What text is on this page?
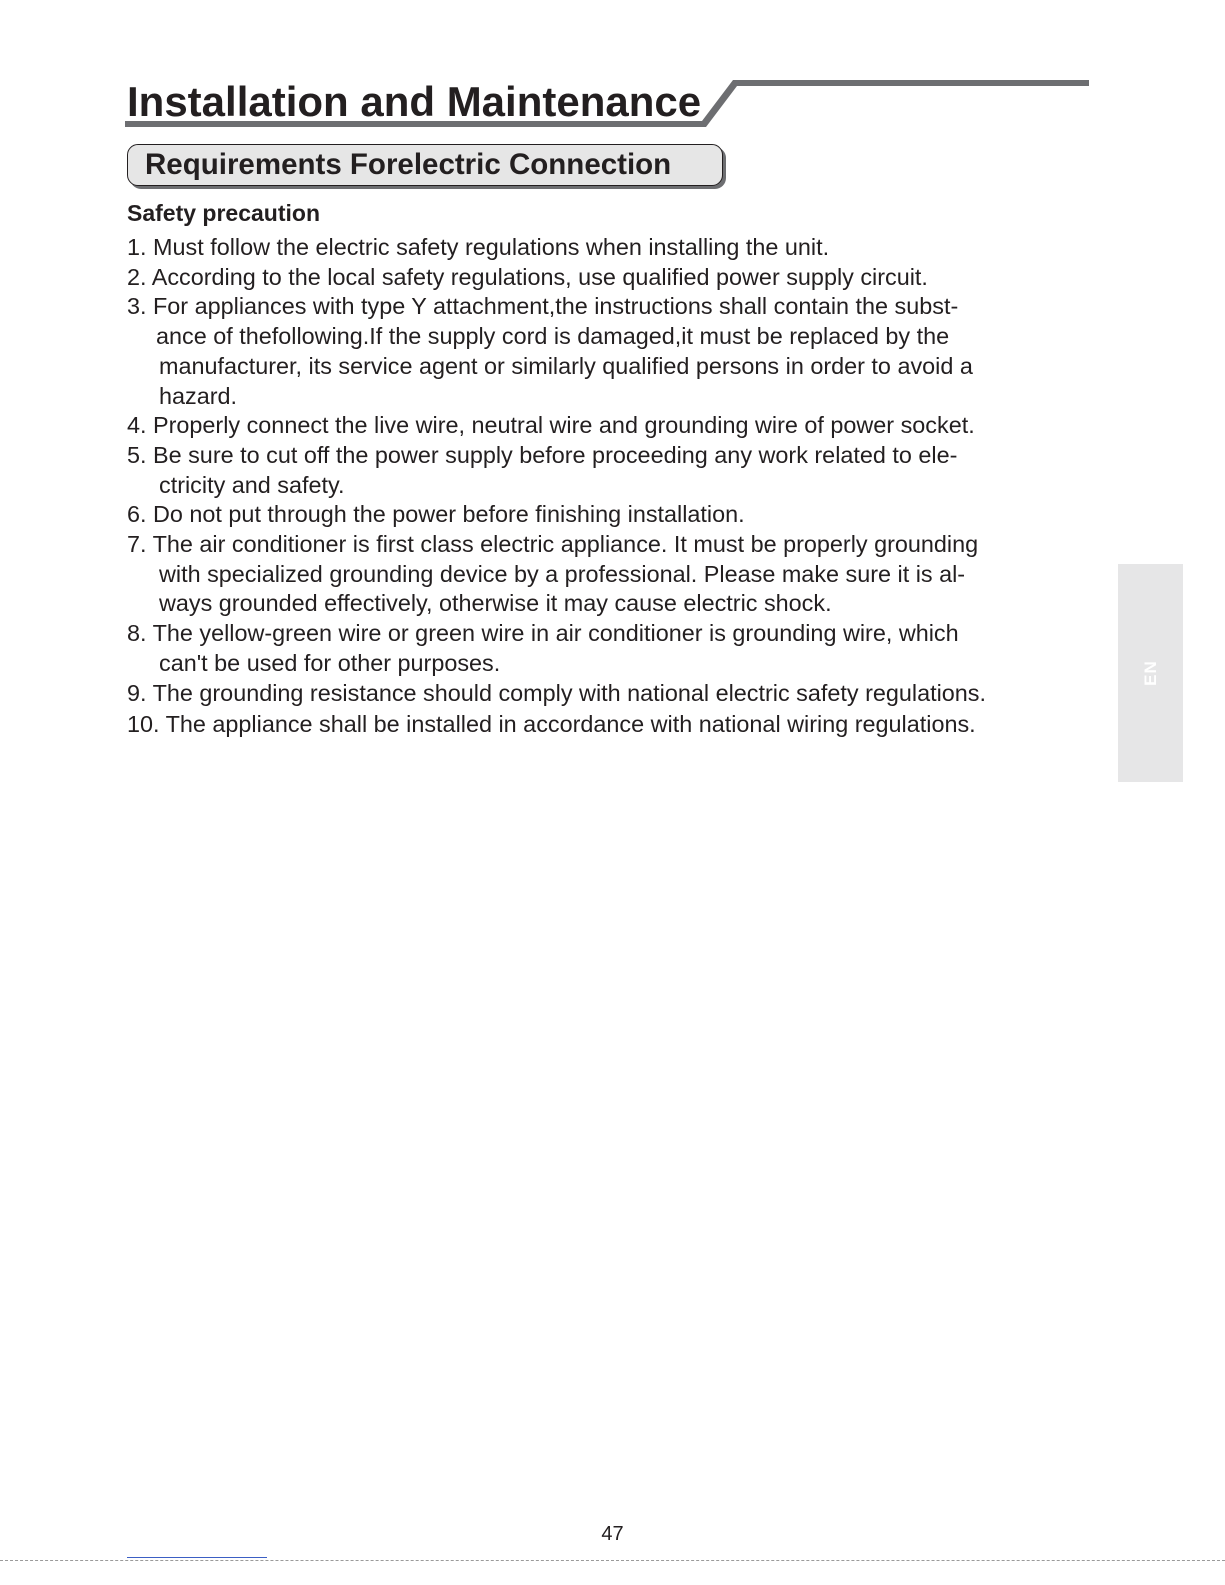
Installation and Maintenance
Requirements Forelectric Connection
Safety precaution
1. Must follow the electric safety regulations when installing the unit.
2. According to the local safety regulations, use qualified power supply circuit.
3. For appliances with type Y attachment,the instructions shall contain the subst-
ance of thefollowing.If the supply cord is damaged,it must be replaced by the
manufacturer, its service agent or similarly qualified persons in order to avoid a
hazard.
4. Properly connect the live wire, neutral wire and grounding wire of power socket.
5. Be sure to cut off the power supply before proceeding any work related to ele-
ctricity and safety.
6. Do not put through the power before finishing installation.
7. The air conditioner is first class electric appliance. It must be properly grounding
with specialized grounding device by a professional. Please make sure it is al-
ways grounded effectively, otherwise it may cause electric shock.
8. The yellow-green wire or green wire in air conditioner is grounding wire, which
can't be used for other purposes.
9. The grounding resistance should comply with national electric safety regulations.
10. The appliance shall be installed in accordance with national wiring regulations.
EN
47
